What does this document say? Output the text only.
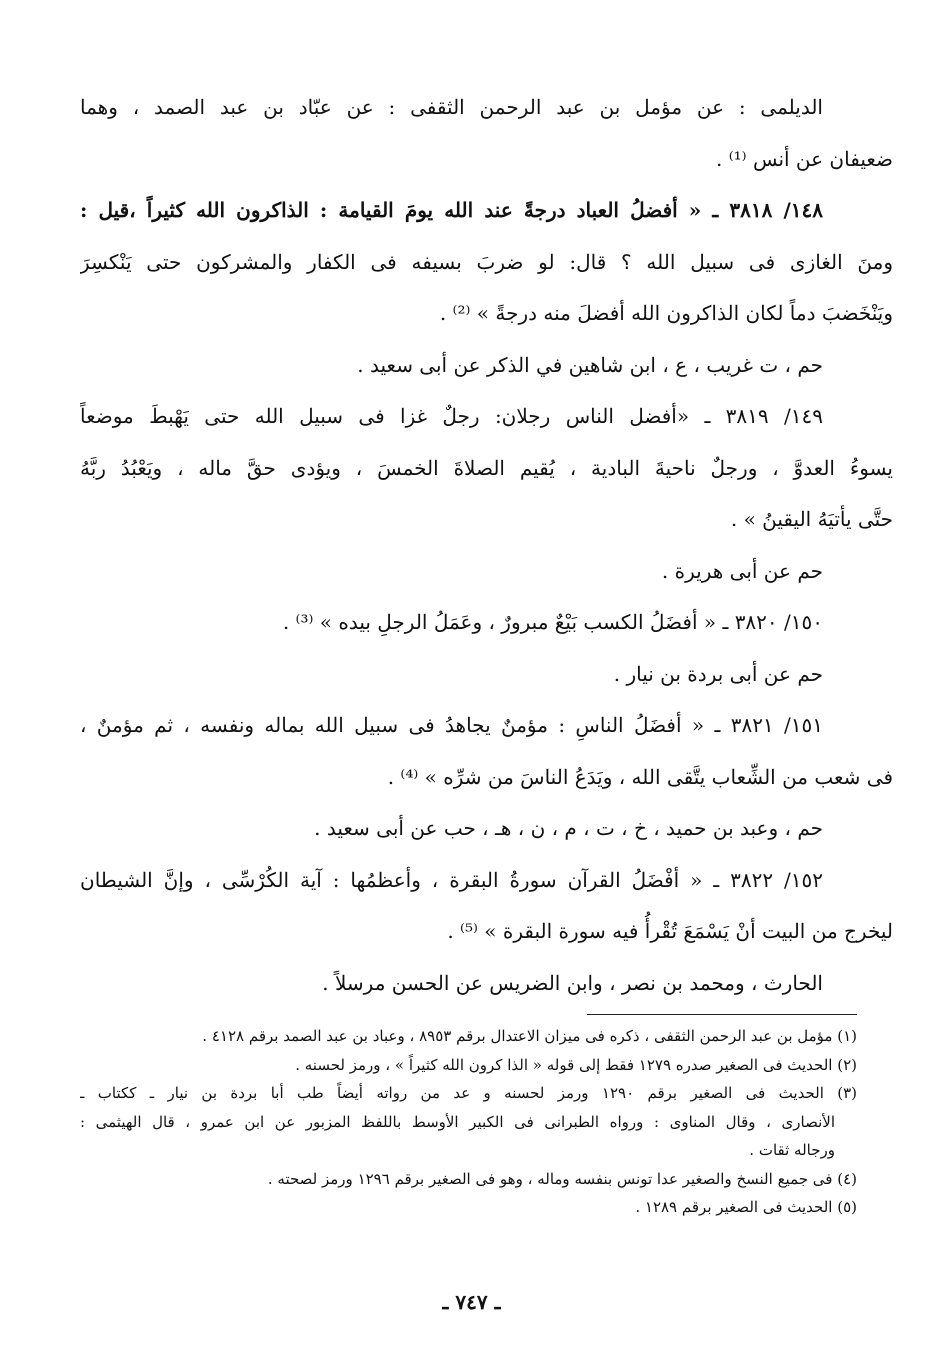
الديلمى : عن مؤمل بن عبد الرحمن الثقفى : عن عبّاد بن عبد الصمد ، وهما
ضعيفان عن أنس ⁽¹⁾ .
١٤٨/ ٣٨١٨ ـ « أفضلُ العباد درجةً عند الله يومَ القيامة : الذاكرون الله كثيراً ،قيل :
ومنَ الغازى فى سبيل الله ؟ قال: لو ضربَ بسيفه فى الكفار والمشركون حتى يَنْكسِرَ
ويَنْخَضبَ دماً لكان الذاكرون الله أفضلَ منه درجةً » ⁽²⁾ .
حم ، ت غريب ، ع ، ابن شاهين في الذكر عن أبى سعيد .
١٤٩/ ٣٨١٩ ـ «أفضل الناس رجلان: رجلٌ غزا فى سبيل الله حتى يَهْبطَ موضعاً
يسوءُ العدوَّ ، ورجلٌ ناحيةَ البادية ، يُقيم الصلاةَ الخمسَ ، ويؤدى حقَّ ماله ، ويَعْبُدُ ربَّهُ
حتَّى يأتيَهُ اليقينُ » .
حم عن أبى هريرة .
١٥٠/ ٣٨٢٠ ـ « أفضَلُ الكسب بَيْعٌ مبرورٌ ، وعَمَلُ الرجلِ بيده » ⁽³⁾ .
حم عن أبى بردة بن نيار .
١٥١/ ٣٨٢١ ـ « أفضَلُ الناسِ : مؤمنٌ يجاهدُ فى سبيل الله بماله ونفسه ، ثم مؤمنٌ ،
فى شعب من الشِّعاب يتَّقى الله ، ويَدَعُ الناسَ من شرِّه » ⁽⁴⁾ .
حم ، وعبد بن حميد ، خ ، ت ، م ، ن ، هـ ، حب عن أبى سعيد .
١٥٢/ ٣٨٢٢ ـ « أفْضَلُ القرآن سورةُ البقرة ، وأعظمُها : آية الكُرْسِّى ، وإنَّ الشيطان
ليخرج من البيت أنْ يَسْمَعَ تُقْرأُ فيه سورة البقرة » ⁽⁵⁾ .
الحارث ، ومحمد بن نصر ، وابن الضريس عن الحسن مرسلاً .
(١) مؤمل بن عبد الرحمن الثقفى ، ذكره فى ميزان الاعتدال برقم ٨٩٥٣ ، وعباد بن عبد الصمد برقم ٤١٢٨ .
(٢) الحديث فى الصغير صدره ١٢٧٩ فقط إلى قوله « الذا كرون الله كثيراً » ، ورمز لحسنه .
(٣) الحديث فى الصغير برقم ١٢٩٠ ورمز لحسنه و عد من رواته أيضاً طب أبا بردة بن نيار ـ ككتاب ـ
الأنصارى ، وقال المناوى : ورواه الطبرانى فى الكبير الأوسط باللفظ المزبور عن ابن عمرو ، قال الهيثمى :
ورجاله ثقات .
(٤) فى جميع النسخ والصغير عدا تونس بنفسه وماله ، وهو فى الصغير برقم ١٢٩٦ ورمز لصحته .
(٥) الحديث فى الصغير برقم ١٢٨٩ .
ـ ٧٤٧ ـ
